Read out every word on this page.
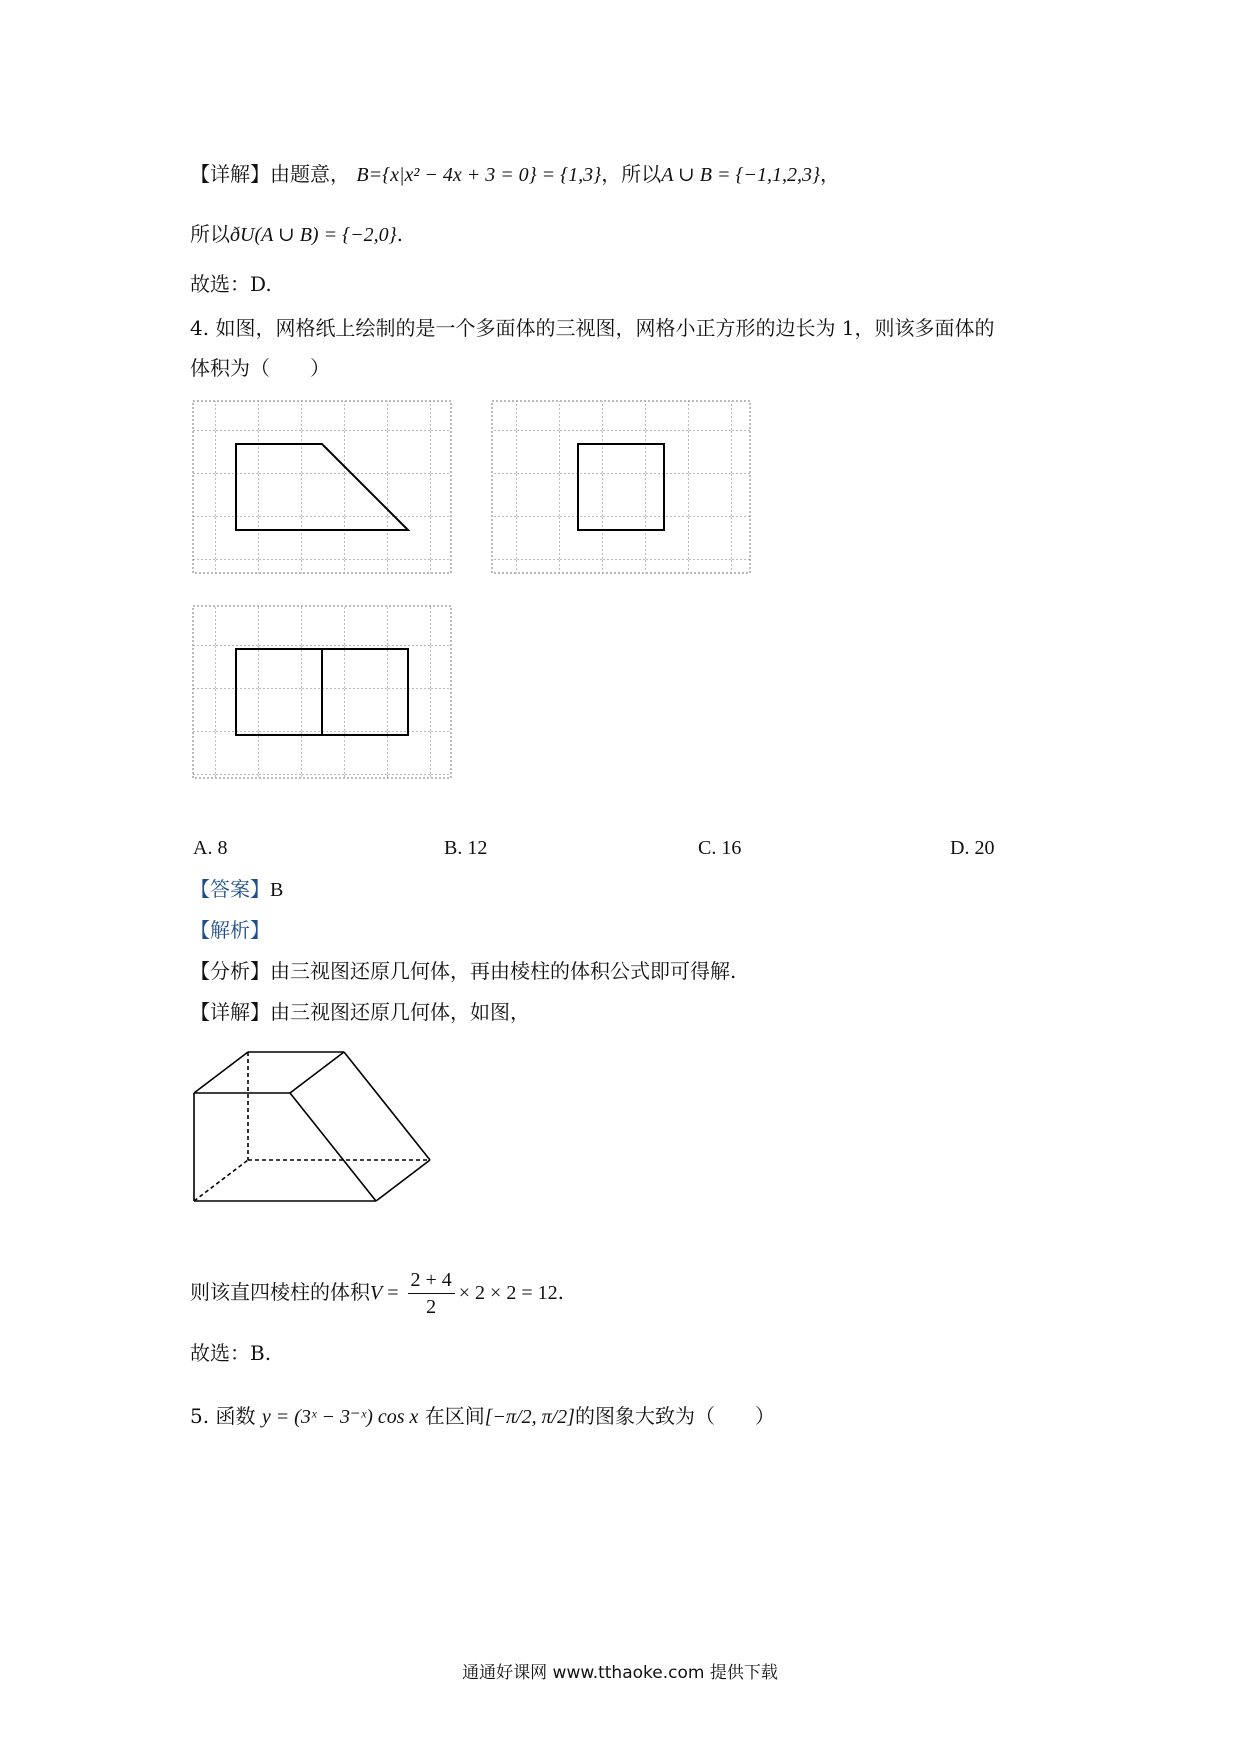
【详解】由题意， B={x|x² − 4x + 3 = 0} = {1,3}，所以A ∪ B = {−1,1,2,3}，
所以ðU(A ∪ B) = {−2,0}.
故选：D.
4. 如图，网格纸上绘制的是一个多面体的三视图，网格小正方形的边长为 1，则该多面体的
体积为（　　）
A. 8	B. 12	C. 16	D. 20
【答案】B
【解析】
【分析】由三视图还原几何体，再由棱柱的体积公式即可得解.
【详解】由三视图还原几何体，如图，
则该直四棱柱的体积$V = \frac{2 + 4}{2} \times 2 \times 2 = 12$.
故选：B.
5. 函数 y = (3ˣ − 3⁻ˣ) cos x 在区间[−π/2, π/2]的图象大致为（　　）
通通好课网 www.tthaoke.com 提供下载
